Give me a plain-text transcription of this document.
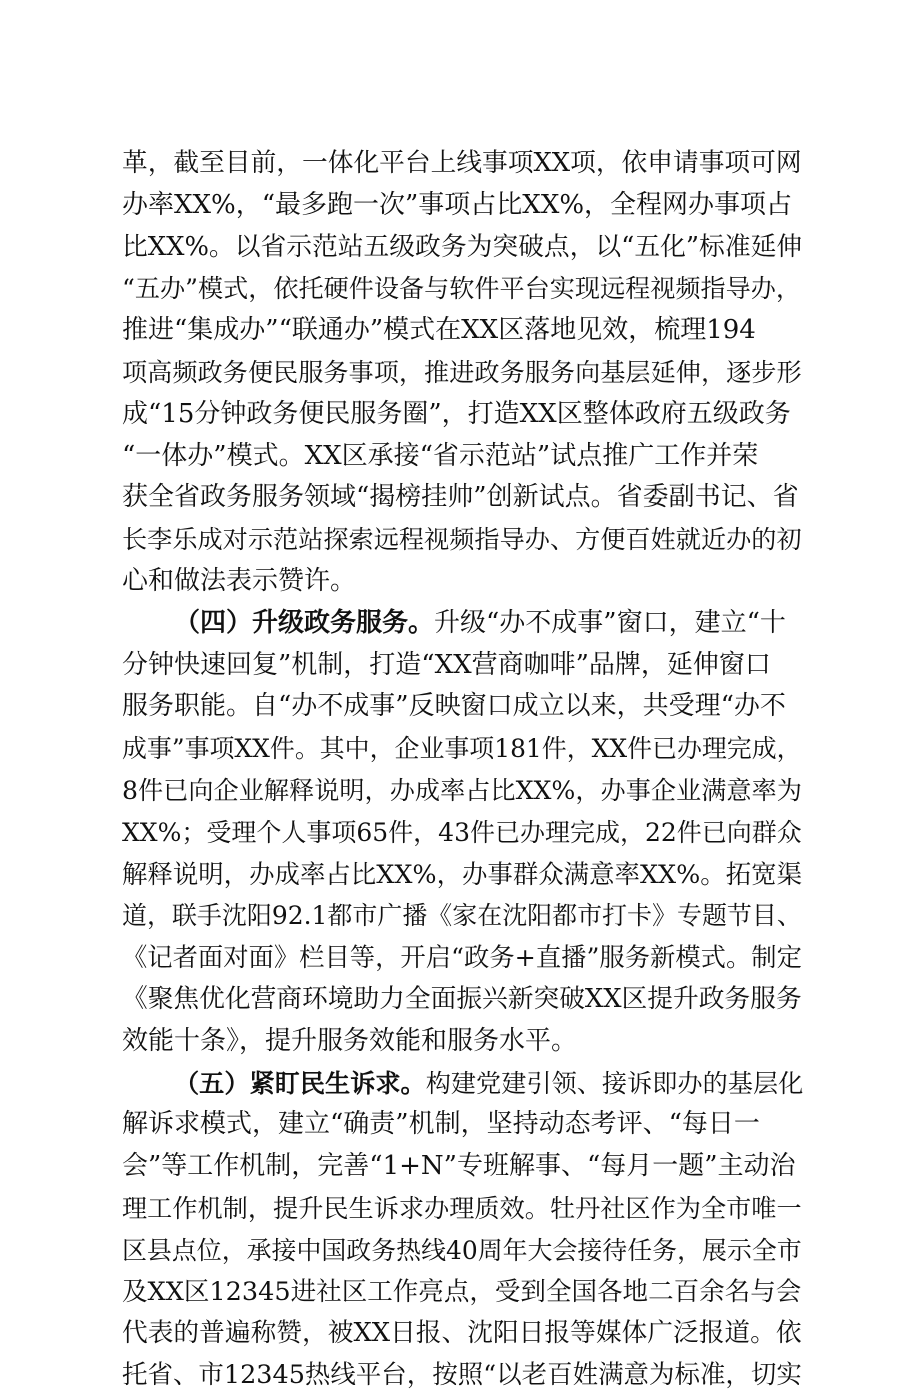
革，截至目前，一体化平台上线事项XX项，依申请事项可网
办率XX%，“最多跑一次”事项占比XX%，全程网办事项占
比XX%。以省示范站五级政务为突破点，以“五化”标准延伸
“五办”模式，依托硬件设备与软件平台实现远程视频指导办，
推进“集成办”“联通办”模式在XX区落地见效，梳理194
项高频政务便民服务事项，推进政务服务向基层延伸，逐步形
成“15分钟政务便民服务圈”，打造XX区整体政府五级政务
“一体办”模式。XX区承接“省示范站”试点推广工作并荣
获全省政务服务领域“揭榜挂帅”创新试点。省委副书记、省
长李乐成对示范站探索远程视频指导办、方便百姓就近办的初
心和做法表示赞许。
（四）升级政务服务。升级“办不成事”窗口，建立“十
分钟快速回复”机制，打造“XX营商咖啡”品牌，延伸窗口
服务职能。自“办不成事”反映窗口成立以来，共受理“办不
成事”事项XX件。其中，企业事项181件，XX件已办理完成，
8件已向企业解释说明，办成率占比XX%，办事企业满意率为
XX%；受理个人事项65件，43件已办理完成，22件已向群众
解释说明，办成率占比XX%，办事群众满意率XX%。拓宽渠
道，联手沈阳92.1都市广播《家在沈阳都市打卡》专题节目、
《记者面对面》栏目等，开启“政务+直播”服务新模式。制定
《聚焦优化营商环境助力全面振兴新突破XX区提升政务服务
效能十条》，提升服务效能和服务水平。
（五）紧盯民生诉求。构建党建引领、接诉即办的基层化
解诉求模式，建立“确责”机制，坚持动态考评、“每日一
会”等工作机制，完善“1+N”专班解事、“每月一题”主动治
理工作机制，提升民生诉求办理质效。牡丹社区作为全市唯一
区县点位，承接中国政务热线40周年大会接待任务，展示全市
及XX区12345进社区工作亮点，受到全国各地二百余名与会
代表的普遍称赞，被XX日报、沈阳日报等媒体广泛报道。依
托省、市12345热线平台，按照“以老百姓满意为标准，切实
